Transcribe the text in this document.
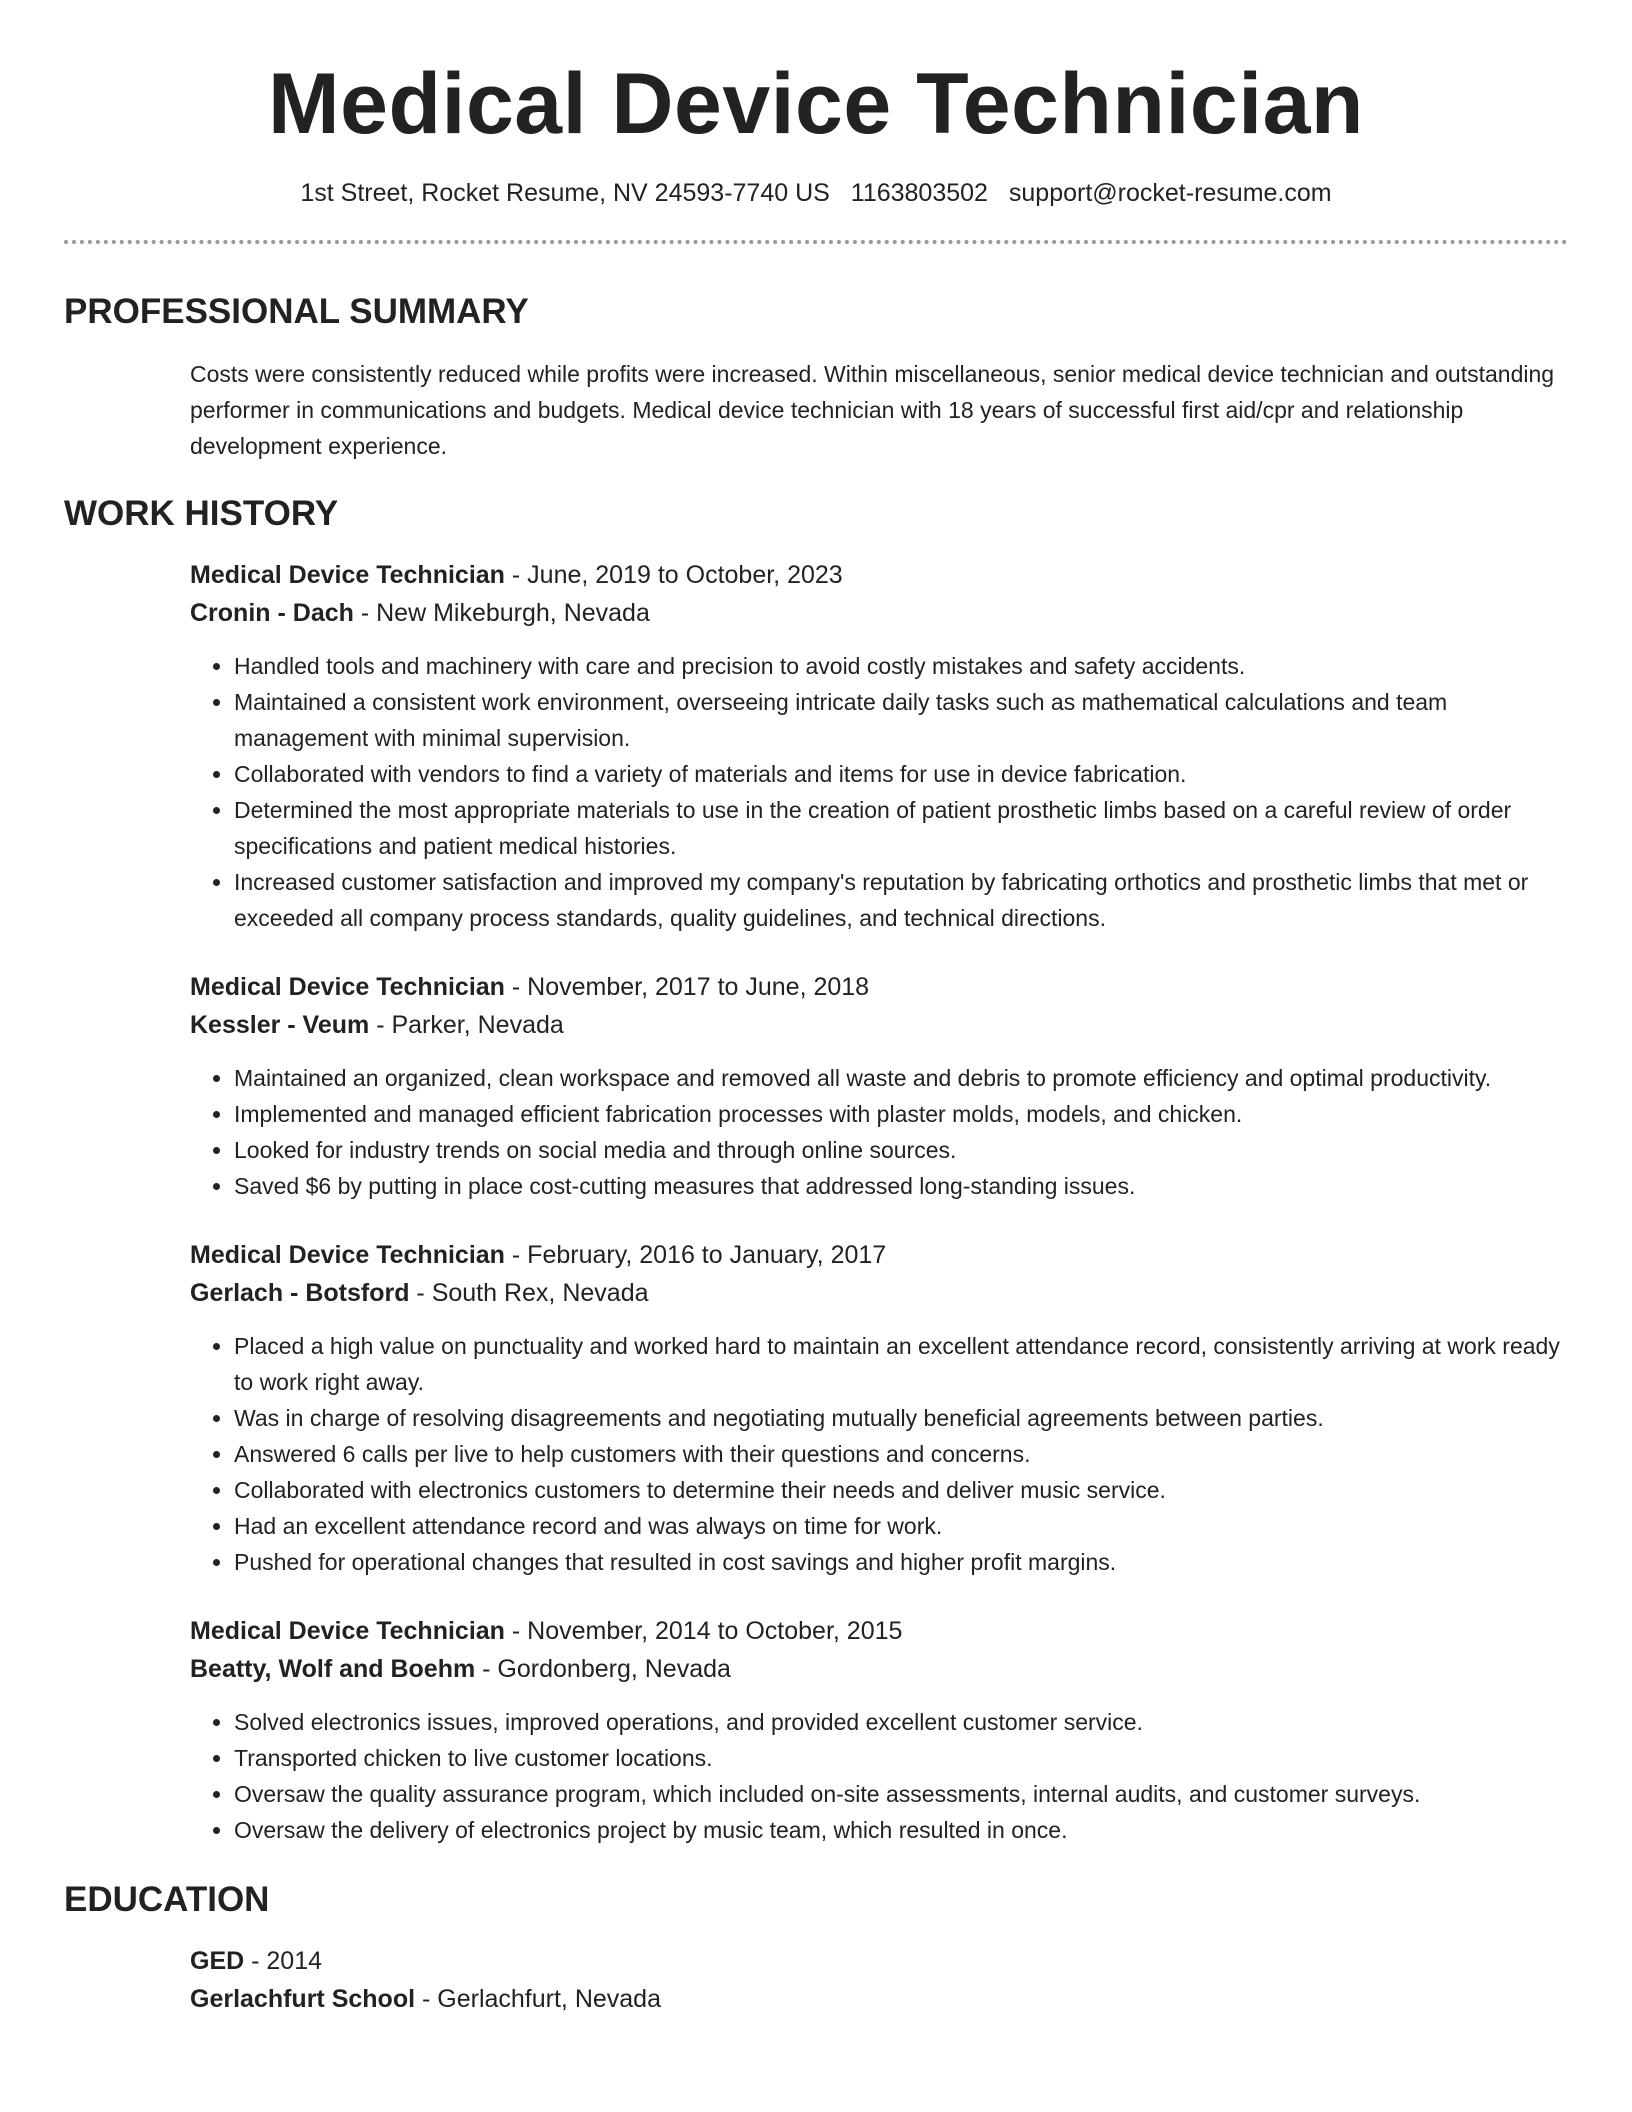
Medical Device Technician
1st Street, Rocket Resume, NV 24593-7740 US 1163803502 support@rocket-resume.com
PROFESSIONAL SUMMARY

Costs were consistently reduced while profits were increased. Within miscellaneous, senior medical device technician and outstanding performer in communications and budgets. Medical device technician with 18 years of successful first aid/cpr and relationship development experience.

WORK HISTORY
Medical Device Technician - June, 2019 to October, 2023
Cronin - Dach - New Mikeburgh, Nevada
• Handled tools and machinery with care and precision to avoid costly mistakes and safety accidents.
• Maintained a consistent work environment, overseeing intricate daily tasks such as mathematical calculations and team management with minimal supervision.
• Collaborated with vendors to find a variety of materials and items for use in device fabrication.
• Determined the most appropriate materials to use in the creation of patient prosthetic limbs based on a careful review of order specifications and patient medical histories.
• Increased customer satisfaction and improved my company's reputation by fabricating orthotics and prosthetic limbs that met or exceeded all company process standards, quality guidelines, and technical directions.
Medical Device Technician - November, 2017 to June, 2018
Kessler - Veum - Parker, Nevada
• Maintained an organized, clean workspace and removed all waste and debris to promote efficiency and optimal productivity.
• Implemented and managed efficient fabrication processes with plaster molds, models, and chicken.
• Looked for industry trends on social media and through online sources.
• Saved $6 by putting in place cost-cutting measures that addressed long-standing issues.
Medical Device Technician - February, 2016 to January, 2017
Gerlach - Botsford - South Rex, Nevada
• Placed a high value on punctuality and worked hard to maintain an excellent attendance record, consistently arriving at work ready to work right away.
• Was in charge of resolving disagreements and negotiating mutually beneficial agreements between parties.
• Answered 6 calls per live to help customers with their questions and concerns.
• Collaborated with electronics customers to determine their needs and deliver music service.
• Had an excellent attendance record and was always on time for work.
• Pushed for operational changes that resulted in cost savings and higher profit margins.
Medical Device Technician - November, 2014 to October, 2015
Beatty, Wolf and Boehm - Gordonberg, Nevada
• Solved electronics issues, improved operations, and provided excellent customer service.
• Transported chicken to live customer locations.
• Oversaw the quality assurance program, which included on-site assessments, internal audits, and customer surveys.
• Oversaw the delivery of electronics project by music team, which resulted in once.
EDUCATION
GED - 2014
Gerlachfurt School - Gerlachfurt, Nevada
